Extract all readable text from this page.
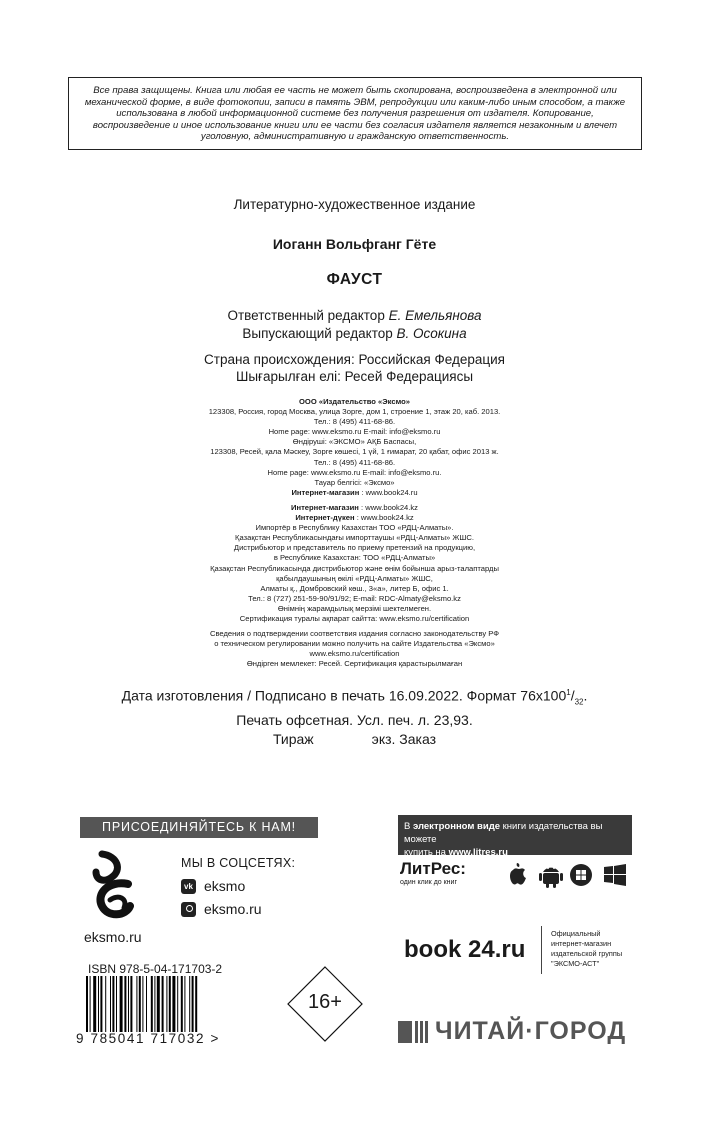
Все права защищены. Книга или любая ее часть не может быть скопирована, воспроизведена в электронной или механической форме, в виде фотокопии, записи в память ЭВМ, репродукции или каким-либо иным способом, а также использована в любой информационной системе без получения разрешения от издателя. Копирование, воспроизведение и иное использование книги или ее части без согласия издателя является незаконным и влечет уголовную, административную и гражданскую ответственность.
Литературно-художественное издание
Иоганн Вольфганг Гёте
ФАУСТ
Ответственный редактор Е. Емельянова
Выпускающий редактор В. Осокина
Страна происхождения: Российская Федерация
Шығарылған елі: Ресей Федерациясы
ООО «Издательство «Эксмо»
123308, Россия, город Москва, улица Зорге, дом 1, строение 1, этаж 20, каб. 2013.
Тел.: 8 (495) 411-68-86.
Home page: www.eksmo.ru E-mail: info@eksmo.ru
Өндіруші: «ЭКСМО» АҚБ Баспасы,
123308, Ресей, қала Мәскеу, Зорге көшесі, 1 үй, 1 ғимарат, 20 қабат, офис 2013 ж.
Тел.: 8 (495) 411-68-86.
Home page: www.eksmo.ru E-mail: info@eksmo.ru.
Тауар белгісі: «Эксмо»
Интернет-магазин : www.book24.ru
Интернет-магазин : www.book24.kz
Интернет-дүкен : www.book24.kz
Импортёр в Республику Казахстан ТОО «РДЦ-Алматы».
Қазақстан Республикасындағы импорттаушы «РДЦ-Алматы» ЖШС.
Дистрибьютор и представитель по приему претензий на продукцию,
в Республике Казахстан: ТОО «РДЦ-Алматы»
Қазақстан Республикасында дистрибьютор және өнім бойынша арыз-талаптарды
қабылдаушының өкілі «РДЦ-Алматы» ЖШС,
Алматы қ., Домбровский көш., 3«а», литер Б, офис 1.
Тел.: 8 (727) 251-59-90/91/92; E-mail: RDC-Almaty@eksmo.kz
Өнімнің жарамдылық мерзімі шектелмеген.
Сертификация туралы ақпарат сайтта: www.eksmo.ru/certification
Сведения о подтверждении соответствия издания согласно законодательству РФ
о техническом регулировании можно получить на сайте Издательства «Эксмо»
www.eksmo.ru/certification
Өндірген мемлекет: Ресей. Сертификация қарастырылмаған
Дата изготовления / Подписано в печать 16.09.2022. Формат $76x100^1/_{32}$.
Печать офсетная. Усл. печ. л. 23,93.
Тираж	экз. Заказ
ПРИСОЕДИНЯЙТЕСЬ К НАМ!
eksmo.ru
МЫ В СОЦСЕТЯХ:
vk eksmo
eksmo.ru
ISBN 978-5-04-171703-2
9 785041 717032 >
16+
В электронном виде книги издательства вы можете
купить на www.litres.ru
ЛитРес:
один клик до книг
book 24.ru
Официальный
интернет-магазин
издательской группы
"ЭКСМО-АСТ"
ЧИТАЙ·ГОРОД
